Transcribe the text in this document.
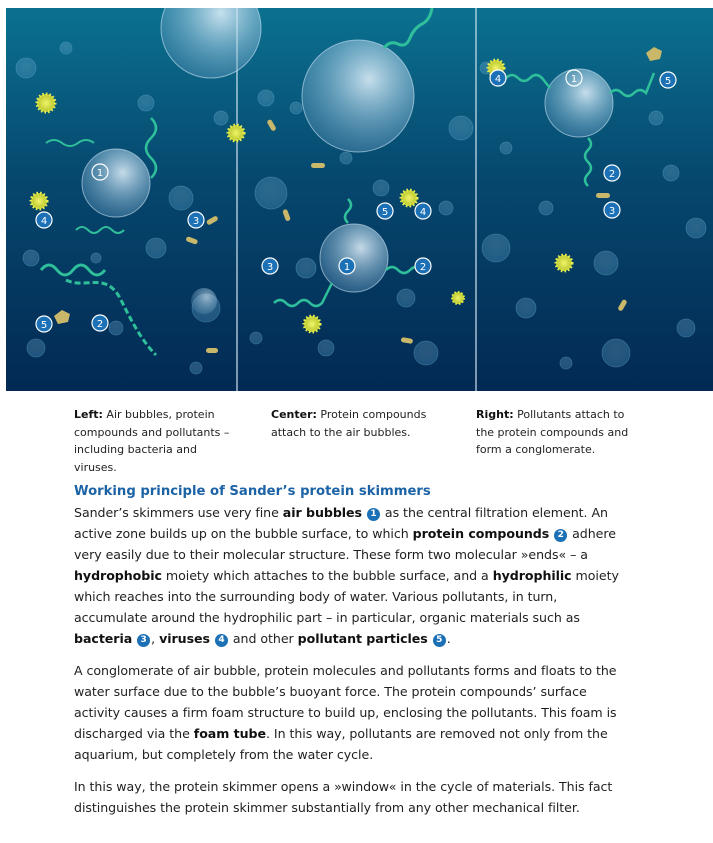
1
2
3
4
5
1	2
3
4
5
1
2
3
4	5
Left: Air bubbles, protein compounds and pollutants – including bacteria and viruses.
Center: Protein compounds attach to the air bubbles.
Right: Pollutants attach to the protein compounds and form a conglomerate.
Working principle of Sander’s protein skimmers

Sander’s skimmers use very fine air bubbles 1 as the central filtration element. An active zone builds up on the bubble surface, to which protein compounds 2 adhere very easily due to their molecular structure. These form two molecular »ends« – a hydrophobic moiety which attaches to the bubble surface, and a hydrophilic moiety which reaches into the surrounding body of water. Various pollutants, in turn, accumulate around the hydrophilic part – in particular, organic materials such as bacteria 3 , viruses 4 and other pollutant particles 5 .

A conglomerate of air bubble, protein molecules and pollutants forms and floats to the water surface due to the bubble’s buoyant force. The protein compounds’ surface activity causes a firm foam structure to build up, enclosing the pollutants. This foam is discharged via the foam tube. In this way, pollutants are removed not only from the aquarium, but completely from the water cycle.

In this way, the protein skimmer opens a »window« in the cycle of materials. This fact distinguishes the protein skimmer substantially from any other mechanical filter.
